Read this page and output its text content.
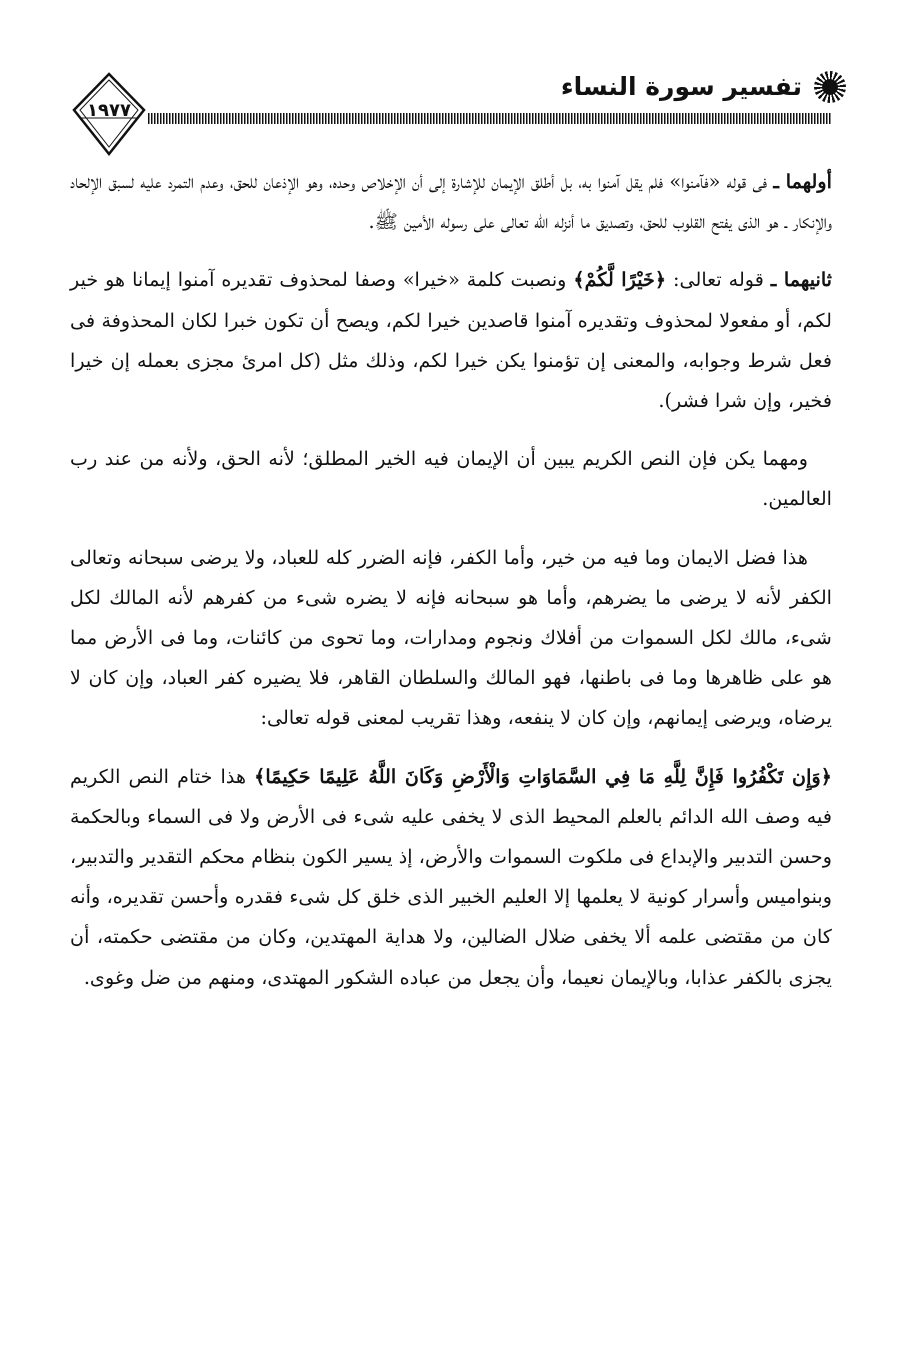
تفسير سورة النساء
١٩٧٧

أولهما ـ فى قوله «فآمنوا» فلم يقل آمنوا به، بل أطلق الإيمان للإشارة إلى أن الإخلاص وحده، وهو الإذعان للحق، وعدم التمرد عليه لسبق الإلحاد والإنكار ـ هو الذى يفتح القلوب للحق، وتصديق ما أنزله الله تعالى على رسوله الأمين ﷺ.

ثانيهما ـ قوله تعالى: ﴿خَيْرًا لَّكُمْ﴾ ونصبت كلمة «خيرا» وصفا لمحذوف تقديره آمنوا إيمانا هو خير لكم، أو مفعولا لمحذوف وتقديره آمنوا قاصدين خيرا لكم، ويصح أن تكون خبرا لكان المحذوفة فى فعل شرط وجوابه، والمعنى إن تؤمنوا يكن خيرا لكم، وذلك مثل (كل امرئ مجزى بعمله إن خيرا فخير، وإن شرا فشر).

ومهما يكن فإن النص الكريم يبين أن الإيمان فيه الخير المطلق؛ لأنه الحق، ولأنه من عند رب العالمين.

هذا فضل الايمان وما فيه من خير، وأما الكفر، فإنه الضرر كله للعباد، ولا يرضى سبحانه وتعالى الكفر لأنه لا يرضى ما يضرهم، وأما هو سبحانه فإنه لا يضره شىء من كفرهم لأنه المالك لكل شىء، مالك لكل السموات من أفلاك ونجوم ومدارات، وما تحوى من كائنات، وما فى الأرض مما هو على ظاهرها وما فى باطنها، فهو المالك والسلطان القاهر، فلا يضيره كفر العباد، وإن كان لا يرضاه، ويرضى إيمانهم، وإن كان لا ينفعه، وهذا تقريب لمعنى قوله تعالى:

﴿وَإِن تَكْفُرُوا فَإِنَّ لِلَّهِ مَا فِي السَّمَاوَاتِ وَالْأَرْضِ وَكَانَ اللَّهُ عَلِيمًا حَكِيمًا﴾ هذا ختام النص الكريم فيه وصف الله الدائم بالعلم المحيط الذى لا يخفى عليه شىء فى الأرض ولا فى السماء وبالحكمة وحسن التدبير والإبداع فى ملكوت السموات والأرض، إذ يسير الكون بنظام محكم التقدير والتدبير، وبنواميس وأسرار كونية لا يعلمها إلا العليم الخبير الذى خلق كل شىء فقدره وأحسن تقديره، وأنه كان من مقتضى علمه ألا يخفى ضلال الضالين، ولا هداية المهتدين، وكان من مقتضى حكمته، أن يجزى بالكفر عذابا، وبالإيمان نعيما، وأن يجعل من عباده الشكور المهتدى، ومنهم من ضل وغوى.
